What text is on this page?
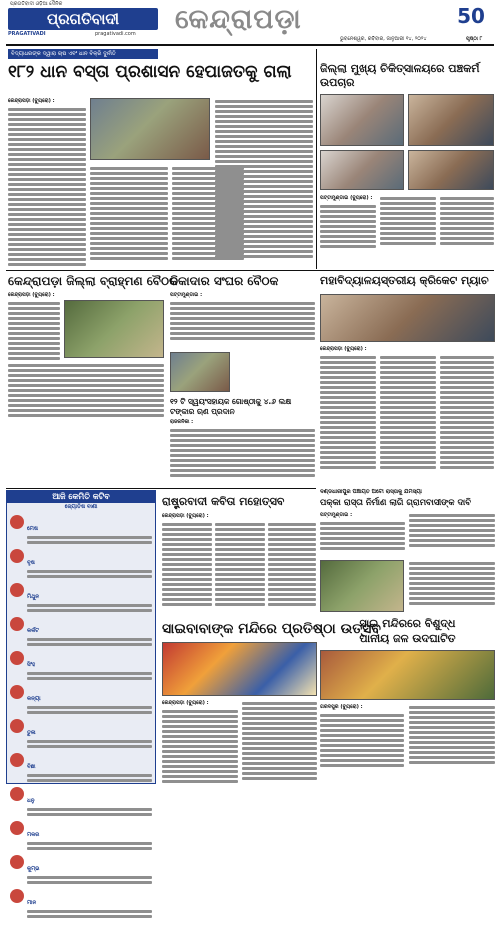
ପ୍ରଗତିବାଦୀ ଓଡ଼ିଆ ଦୈନିକ
ପ୍ରଗତିବାଦୀ
PRAGATIVADI	pragativadi.com କେନ୍ଦ୍ରାପଡ଼ା	50
ଭୁବନେଶ୍ୱର, ରବିବାର, ଜାନୁଆରୀ ୧୪, ୨୦୨୪	ପୃଷ୍ଠା ୮
ବିଦ୍ୟାଧରଙ୍କ ଦ୍ୱାରା ଚାଷ ଏବଂ ଧାନ ବିକ୍ରି ଦୁର୍ନୀତି
୧୮୨ ଧାନ ବସ୍ତା ପ୍ରଶାସନ ହେପାଜତକୁ ଗଲା
କେନ୍ଦ୍ରାପଡ଼ା (ବ୍ୟୁରୋ) :
ଜିଲ୍ଲା ମୁଖ୍ୟ ଚିକିତ୍ସାଳୟରେ ପଞ୍ଚକର୍ମ ଉପଚାର
ପଟ୍ଟାମୁଣ୍ଡାଇ (ବ୍ୟୁରୋ) :
କେନ୍ଦ୍ରାପଡ଼ା ଜିଲ୍ଲା ବ୍ରାହ୍ମଣ ବୈଠକ
କେନ୍ଦ୍ରାପଡ଼ା (ବ୍ୟୁରୋ) :
ଠିକାଦାର ସଂଘର ବୈଠକ
ପଟ୍ଟାମୁଣ୍ଡାଇ :
ମହାବିଦ୍ୟାଳୟସ୍ତରୀୟ କ୍ରିକେଟ ମ୍ୟାଚ
କେନ୍ଦ୍ରାପଡ଼ା (ବ୍ୟୁରୋ) :
୧୨ ଟି ସ୍ୱୟଂସହାୟକ ଗୋଷ୍ଠୀକୁ ୪.୬ ଲକ୍ଷ ଟଙ୍କାର ଋଣ ପ୍ରଦାନ
ରାଜକନିକା :
ଆଜି କେମିତି କଟିବ
ଜ୍ୟୋତିଷ ବାଣୀ
ମେଷ
ବୃଷ
ମିଥୁନ
କର୍କଟ
ସିଂହ
କନ୍ୟା
ତୁଳା
ବିଛା
ଧନୁ
ମକର
କୁମ୍ଭ
ମୀନ
ରାଷ୍ଟ୍ରବାଦୀ କବିତା ମହୋତ୍ସବ
କେନ୍ଦ୍ରାପଡ଼ା (ବ୍ୟୁରୋ) :
ଦଣ୍ଡଧାରୀପୁର ପଞ୍ଚାୟତ ଅଟୋ ରାସ୍ତାକୁ ଯମସ୍ୟା
ପକ୍କା ରାସ୍ତା ନିର୍ମାଣ ଲାଗି ଗ୍ରାମବାସୀଙ୍କ ଦାବି
ପଟ୍ଟାମୁଣ୍ଡାଇ :
ସାଇବାବାଙ୍କ ମନ୍ଦିରେ ପ୍ରତିଷ୍ଠା ଉତ୍ସବ
କେନ୍ଦ୍ରାପଡ଼ା (ବ୍ୟୁରୋ) :
ସାଇ ମନ୍ଦିରରେ ବିଶୁଦ୍ଧ
ପାନୀୟ ଜଳ ଉଦଘାଟିତ
ଗରଦପୁର (ବ୍ୟୁରୋ) :
